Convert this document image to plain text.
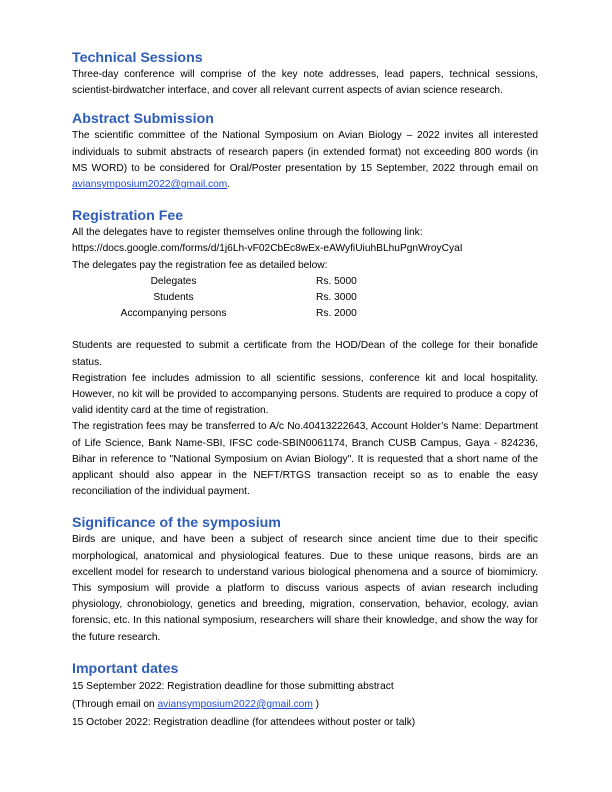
Technical Sessions

Three-day conference will comprise of the key note addresses, lead papers, technical sessions, scientist-birdwatcher interface, and cover all relevant current aspects of avian science research.

Abstract Submission

The scientific committee of the National Symposium on Avian Biology – 2022 invites all interested individuals to submit abstracts of research papers (in extended format) not exceeding 800 words (in MS WORD) to be considered for Oral/Poster presentation by 15 September, 2022 through email on aviansymposium2022@gmail.com.

Registration Fee

All the delegates have to register themselves online through the following link:

https://docs.google.com/forms/d/1j6Lh-vF02CbEc8wEx-eAWyfiUiuhBLhuPgnWroyCyaI

The delegates pay the registration fee as detailed below:

Delegates	Rs. 5000
Students	Rs. 3000
Accompanying persons	Rs. 2000

Students are requested to submit a certificate from the HOD/Dean of the college for their bonafide status.

Registration fee includes admission to all scientific sessions, conference kit and local hospitality. However, no kit will be provided to accompanying persons. Students are required to produce a copy of valid identity card at the time of registration.

The registration fees may be transferred to A/c No.40413222643, Account Holder’s Name: Department of Life Science, Bank Name-SBI, IFSC code-SBIN0061174, Branch CUSB Campus, Gaya - 824236, Bihar in reference to "National Symposium on Avian Biology". It is requested that a short name of the applicant should also appear in the NEFT/RTGS transaction receipt so as to enable the easy reconciliation of the individual payment.

Significance of the symposium

Birds are unique, and have been a subject of research since ancient time due to their specific morphological, anatomical and physiological features. Due to these unique reasons, birds are an excellent model for research to understand various biological phenomena and a source of biomimicry. This symposium will provide a platform to discuss various aspects of avian research including physiology, chronobiology, genetics and breeding, migration, conservation, behavior, ecology, avian forensic, etc. In this national symposium, researchers will share their knowledge, and show the way for the future research.

Important dates
15 September 2022: Registration deadline for those submitting abstract
(Through email on aviansymposium2022@gmail.com )
15 October 2022: Registration deadline (for attendees without poster or talk)
